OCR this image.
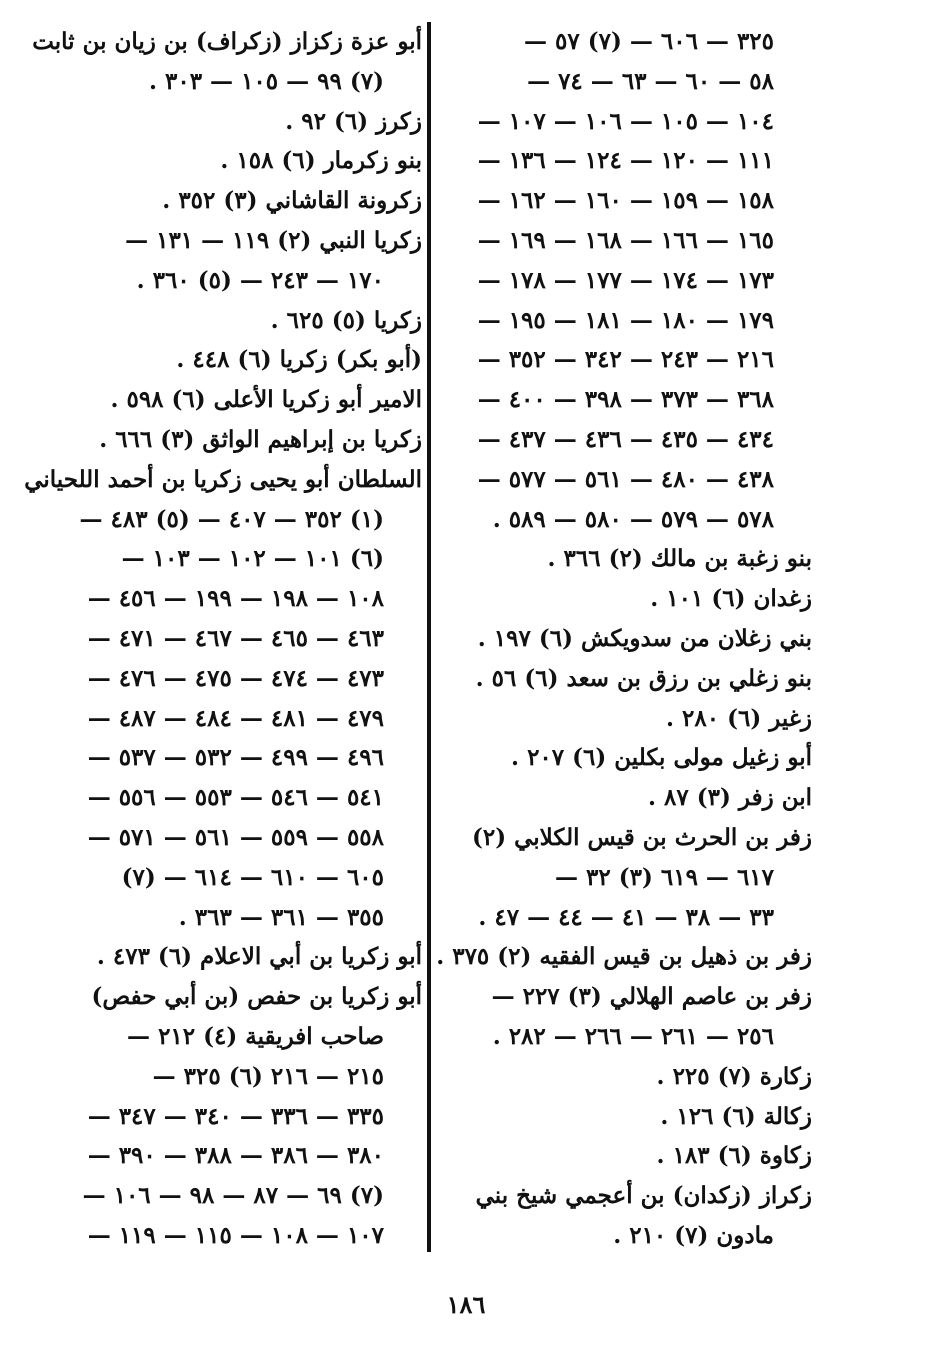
٣٢٥ — ٦٠٦ — (٧) ٥٧ —
٥٨ — ٦٠ — ٦٣ — ٧٤ —
١٠٤ — ١٠٥ — ١٠٦ — ١٠٧ —
١١١ — ١٢٠ — ١٢٤ — ١٣٦ —
١٥٨ — ١٥٩ — ١٦٠ — ١٦٢ —
١٦٥ — ١٦٦ — ١٦٨ — ١٦٩ —
١٧٣ — ١٧٤ — ١٧٧ — ١٧٨ —
١٧٩ — ١٨٠ — ١٨١ — ١٩٥ —
٢١٦ — ٢٤٣ — ٣٤٢ — ٣٥٢ —
٣٦٨ — ٣٧٣ — ٣٩٨ — ٤٠٠ —
٤٣٤ — ٤٣٥ — ٤٣٦ — ٤٣٧ —
٤٣٨ — ٤٨٠ — ٥٦١ — ٥٧٧ —
٥٧٨ — ٥٧٩ — ٥٨٠ — ٥٨٩ .
بنو زغبة بن مالك (٢) ٣٦٦ .
زغدان (٦) ١٠١ .
بني زغلان من سدويكش (٦) ١٩٧ .
بنو زغلي بن رزق بن سعد (٦) ٥٦ .
زغير (٦) ٢٨٠ .
أبو زغيل مولى بكلين (٦) ٢٠٧ .
ابن زفر (٣) ٨٧ .
زفر بن الحرث بن قيس الكلابي (٢)
٦١٧ — ٦١٩ (٣) ٣٢ —
٣٣ — ٣٨ — ٤١ — ٤٤ — ٤٧ .
زفر بن ذهيل بن قيس الفقيه (٢) ٣٧٥ .
زفر بن عاصم الهلالي (٣) ٢٢٧ —
٢٥٦ — ٢٦١ — ٢٦٦ — ٢٨٢ .
زكارة (٧) ٢٢٥ .
زكالة (٦) ١٢٦ .
زكاوة (٦) ١٨٣ .
زكراز (زكدان) بن أعجمي شيخ بني
مادون (٧) ٢١٠ .
أبو عزة زكزاز (زكراف) بن زيان بن ثابت
(٧) ٩٩ — ١٠٥ — ٣٠٣ .
زكرز (٦) ٩٢ .
بنو زكرمار (٦) ١٥٨ .
زكرونة القاشاني (٣) ٣٥٢ .
زكريا النبي (٢) ١١٩ — ١٣١ —
١٧٠ — ٢٤٣ — (٥) ٣٦٠ .
زكريا (٥) ٦٢٥ .
(أبو بكر) زكريا (٦) ٤٤٨ .
الامير أبو زكريا الأعلى (٦) ٥٩٨ .
زكريا بن إبراهيم الواثق (٣) ٦٦٦ .
السلطان أبو يحيى زكريا بن أحمد اللحياني
(١) ٣٥٢ — ٤٠٧ — (٥) ٤٨٣ —
(٦) ١٠١ — ١٠٢ — ١٠٣ —
١٠٨ — ١٩٨ — ١٩٩ — ٤٥٦ —
٤٦٣ — ٤٦٥ — ٤٦٧ — ٤٧١ —
٤٧٣ — ٤٧٤ — ٤٧٥ — ٤٧٦ —
٤٧٩ — ٤٨١ — ٤٨٤ — ٤٨٧ —
٤٩٦ — ٤٩٩ — ٥٣٢ — ٥٣٧ —
٥٤١ — ٥٤٦ — ٥٥٣ — ٥٥٦ —
٥٥٨ — ٥٥٩ — ٥٦١ — ٥٧١ —
٦٠٥ — ٦١٠ — ٦١٤ — (٧)
٣٥٥ — ٣٦١ — ٣٦٣ .
أبو زكريا بن أبي الاعلام (٦) ٤٧٣ .
أبو زكريا بن حفص (بن أبي حفص)
صاحب افريقية (٤) ٢١٢ —
٢١٥ — ٢١٦ (٦) ٣٢٥ —
٣٣٥ — ٣٣٦ — ٣٤٠ — ٣٤٧ —
٣٨٠ — ٣٨٦ — ٣٨٨ — ٣٩٠ —
(٧) ٦٩ — ٨٧ — ٩٨ — ١٠٦ —
١٠٧ — ١٠٨ — ١١٥ — ١١٩ —
١٨٦
